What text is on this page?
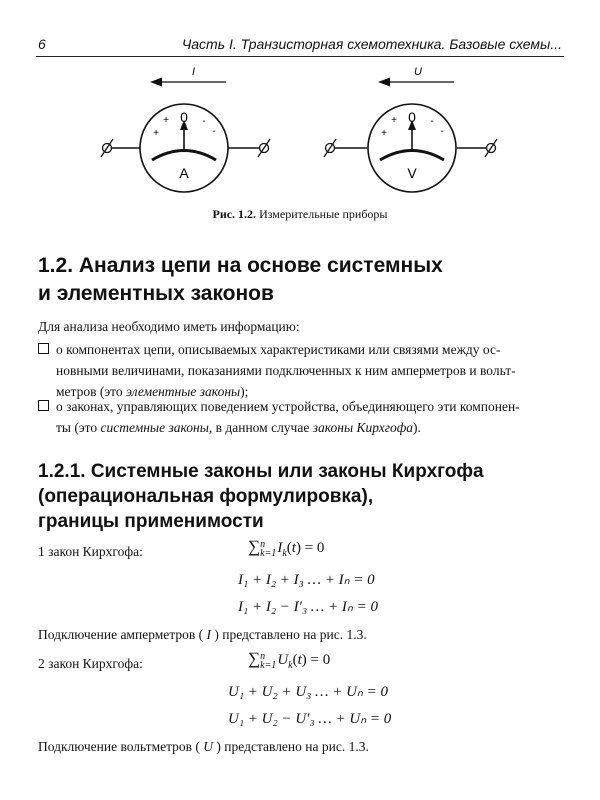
6	Часть I. Транзисторная схемотехника. Базовые схемы...
I
0
+
+	-
-
A
U
0
+
+	-
-
V
Рис. 1.2. Измерительные приборы
1.2. Анализ цепи на основе системных
и элементных законов
Для анализа необходимо иметь информацию:

о компонентах цепи, описываемых характеристиками или связями между ос-

новными величинами, показаниями подключенных к ним амперметров и вольт-

метров (это элементные законы);

о законах, управляющих поведением устройства, объединяющего эти компонен-

ты (это системные законы, в данном случае законы Кирхгофа).

1.2.1. Системные законы или законы Кирхгофа
(операциональная формулировка),
границы применимости
1 закон Кирхгофа:	∑ n
k=1 $I_k(t) = 0$
I₁ + I₂ + I₃ … + Iₙ = 0
I₁ + I₂ − I′₃ … + Iₙ = 0
Подключение амперметров ( I ) представлено на рис. 1.3.
2 закон Кирхгофа:	∑ n
k=1 $U_k(t) = 0$
U₁ + U₂ + U₃ … + Uₙ = 0
U₁ + U₂ − U′₃ … + Uₙ = 0
Подключение вольтметров ( U ) представлено на рис. 1.3.
